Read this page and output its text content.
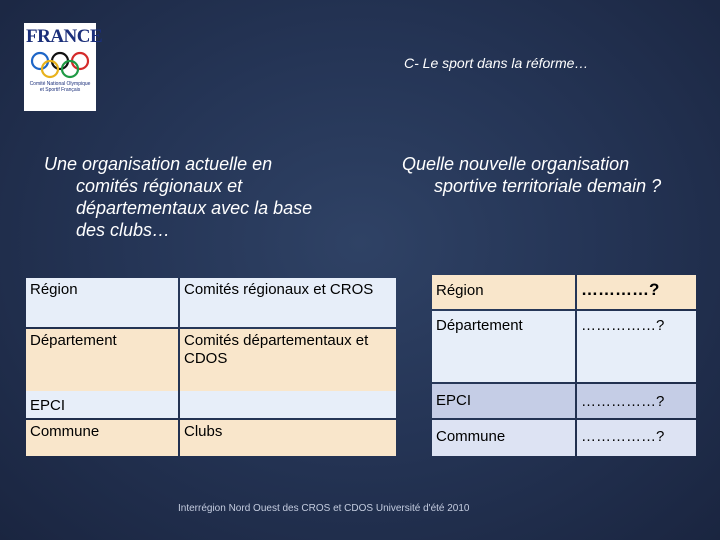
FRANCE
Comité National Olympique
et Sportif Français
C- Le sport dans la réforme…
Une organisation actuelle en
comités régionaux et départementaux avec la base des clubs…
Quelle nouvelle organisation
sportive territoriale demain ?
Région	Comités régionaux et CROS
Département	Comités départementaux et CDOS
EPCI
Commune	Clubs
Région	…………?
Département	……………?
EPCI	……………?
Commune	……………?
Interrégion Nord Ouest des CROS et CDOS Université d'été 2010
